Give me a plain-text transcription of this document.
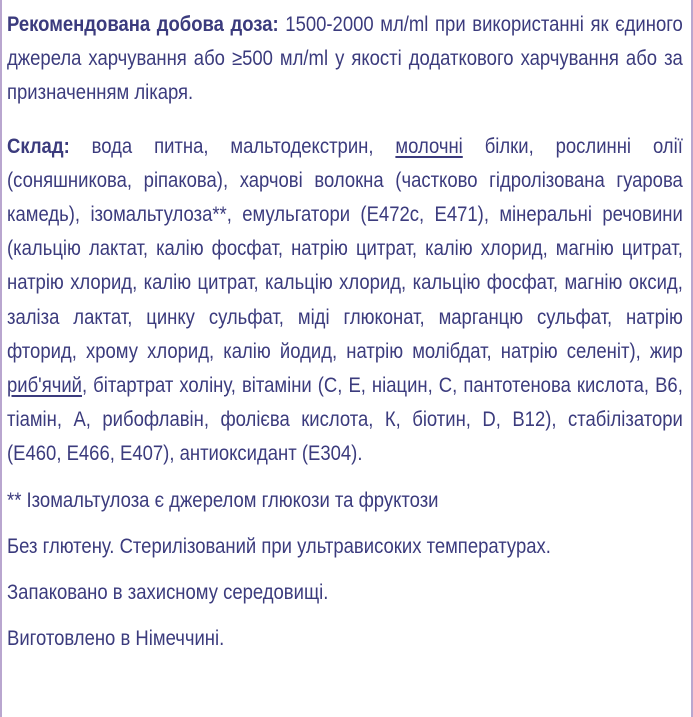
Рекомендована добова доза: 1500-2000 мл/ml при використанні як єдиного джерела харчування або ≥500 мл/ml у якості додаткового харчування або за призначенням лікаря.

Склад: вода питна, мальтодекстрин, молочні білки, рослинні олії (соняшникова, ріпакова), харчові волокна (частково гідролізована гуарова камедь), ізомальтулоза**, емульгатори (Е472с, Е471), мінеральні речовини (кальцію лактат, калію фосфат, натрію цитрат, калію хлорид, магнію цитрат, натрію хлорид, калію цитрат, кальцію хлорид, кальцію фосфат, магнію оксид, заліза лактат, цинку сульфат, міді глюконат, марганцю сульфат, натрію фторид, хрому хлорид, калію йодид, натрію молібдат, натрію селеніт), жир риб'ячий, бітартрат холіну, вітаміни (С, Е, ніацин, С, пантотенова кислота, В6, тіамін, А, рибофлавін, фолієва кислота, К, біотин, D, В12), стабілізатори (Е460, Е466, Е407), антиоксидант (Е304).

** Ізомальтулоза є джерелом глюкози та фруктози

Без глютену. Стерилізований при ультрависоких температурах.

Запаковано в захисному середовищі.

Виготовлено в Німеччині.
